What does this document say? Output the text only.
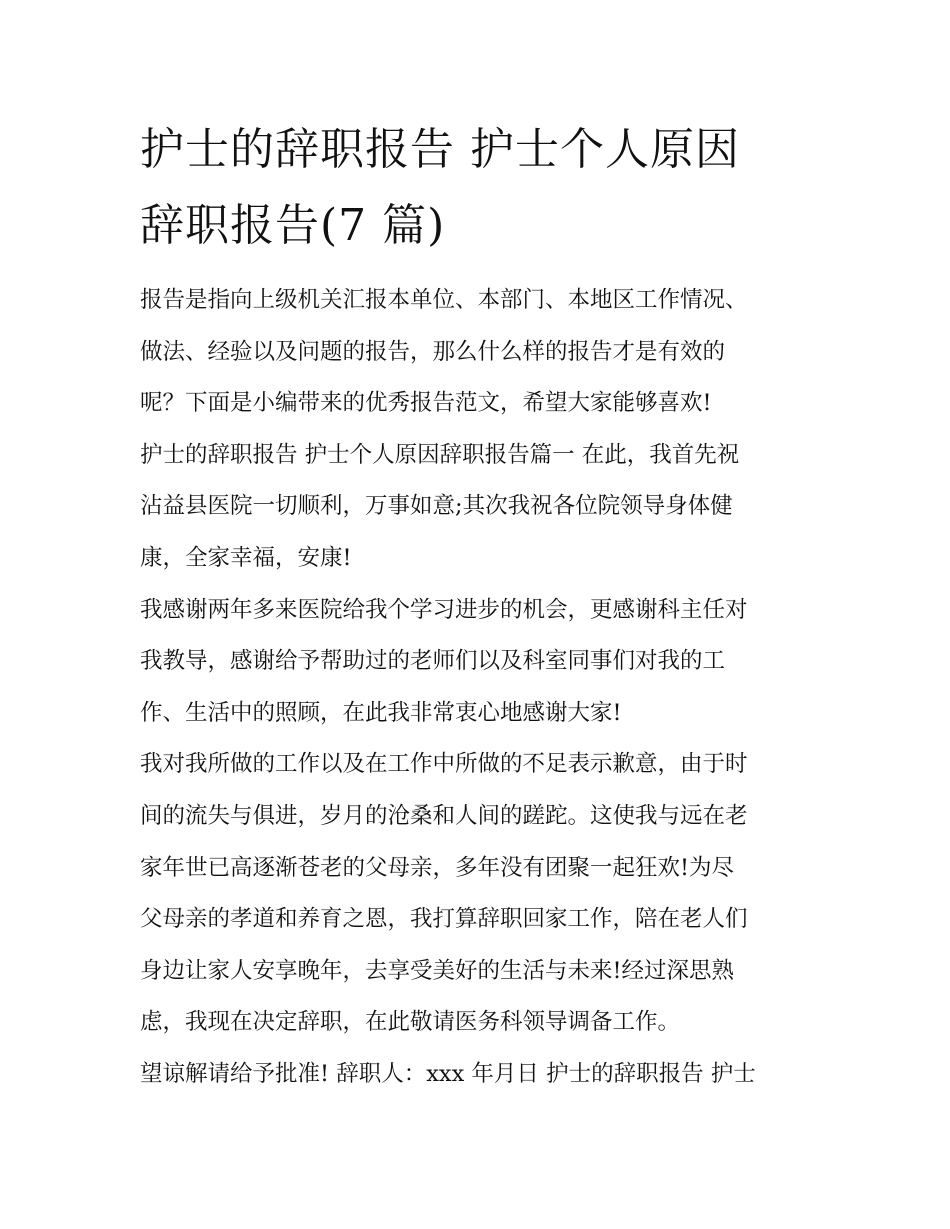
护士的辞职报告 护士个人原因
辞职报告(7 篇)
报告是指向上级机关汇报本单位、本部门、本地区工作情况、
做法、经验以及问题的报告，那么什么样的报告才是有效的
呢？下面是小编带来的优秀报告范文，希望大家能够喜欢!
护士的辞职报告 护士个人原因辞职报告篇一 在此，我首先祝
沾益县医院一切顺利，万事如意;其次我祝各位院领导身体健
康，全家幸福，安康!
我感谢两年多来医院给我个学习进步的机会，更感谢科主任对
我教导，感谢给予帮助过的老师们以及科室同事们对我的工
作、生活中的照顾，在此我非常衷心地感谢大家!
我对我所做的工作以及在工作中所做的不足表示歉意，由于时
间的流失与俱进，岁月的沧桑和人间的蹉跎。这使我与远在老
家年世已高逐渐苍老的父母亲，多年没有团聚一起狂欢!为尽
父母亲的孝道和养育之恩，我打算辞职回家工作，陪在老人们
身边让家人安享晚年，去享受美好的生活与未来!经过深思熟
虑，我现在决定辞职，在此敬请医务科领导调备工作。
望谅解请给予批准! 辞职人：xxx 年月日 护士的辞职报告 护士
